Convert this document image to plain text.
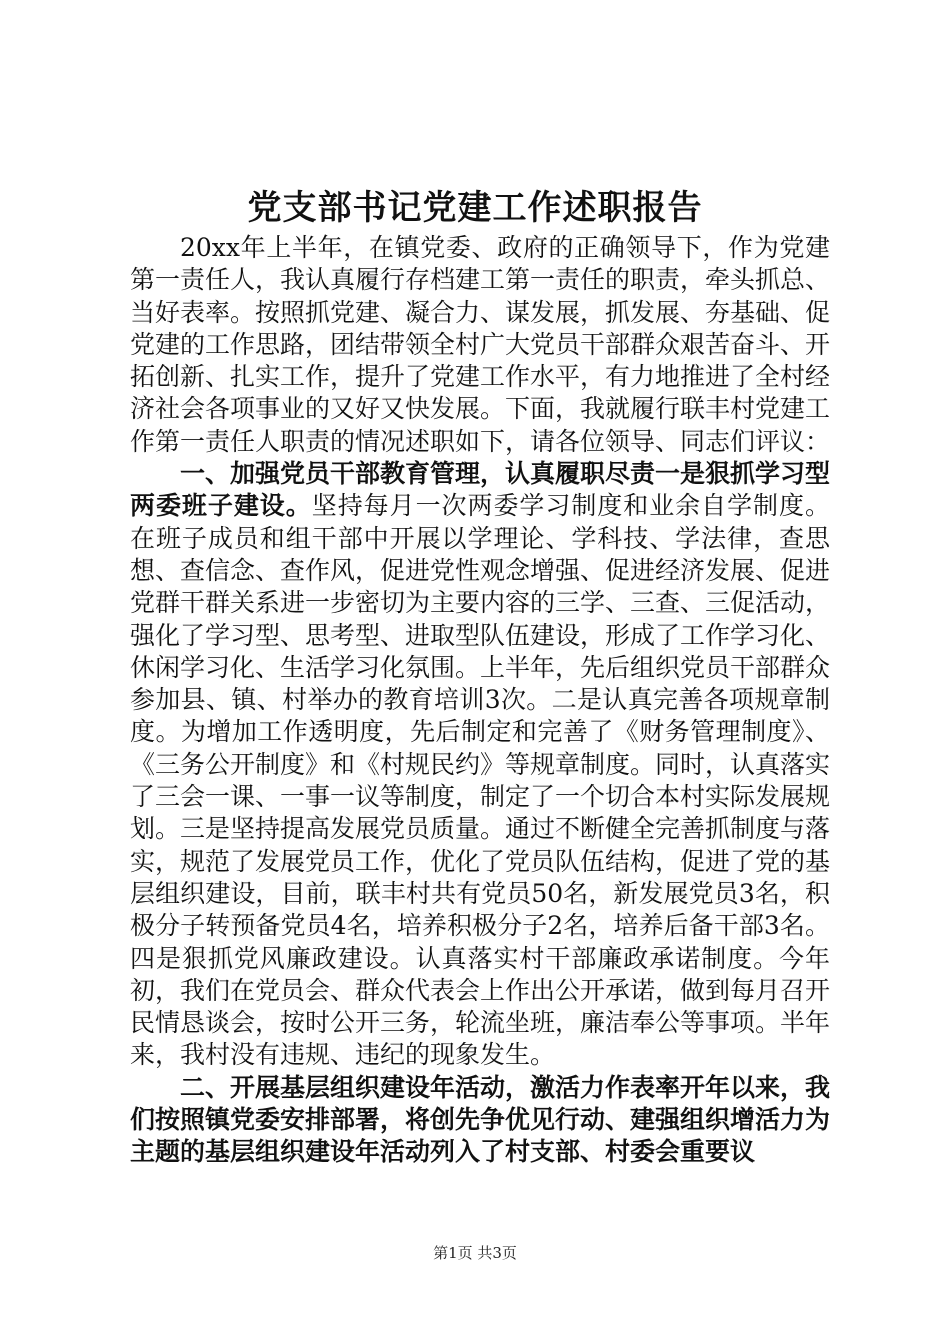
党支部书记党建工作述职报告

20xx年上半年，在镇党委、政府的正确领导下，作为党建第一责任人，我认真履行存档建工第一责任的职责，牵头抓总、当好表率。按照抓党建、凝合力、谋发展，抓发展、夯基础、促党建的工作思路，团结带领全村广大党员干部群众艰苦奋斗、开拓创新、扎实工作，提升了党建工作水平，有力地推进了全村经济社会各项事业的又好又快发展。下面，我就履行联丰村党建工作第一责任人职责的情况述职如下，请各位领导、同志们评议：

一、加强党员干部教育管理，认真履职尽责一是狠抓学习型两委班子建设。坚持每月一次两委学习制度和业余自学制度。在班子成员和组干部中开展以学理论、学科技、学法律，查思想、查信念、查作风，促进党性观念增强、促进经济发展、促进党群干群关系进一步密切为主要内容的三学、三查、三促活动，强化了学习型、思考型、进取型队伍建设，形成了工作学习化、休闲学习化、生活学习化氛围。上半年，先后组织党员干部群众参加县、镇、村举办的教育培训3次。二是认真完善各项规章制度。为增加工作透明度，先后制定和完善了《财务管理制度》、《三务公开制度》和《村规民约》等规章制度。同时，认真落实了三会一课、一事一议等制度，制定了一个切合本村实际发展规划。三是坚持提高发展党员质量。通过不断健全完善抓制度与落实，规范了发展党员工作，优化了党员队伍结构，促进了党的基层组织建设，目前，联丰村共有党员50名，新发展党员3名，积极分子转预备党员4名，培养积极分子2名，培养后备干部3名。四是狠抓党风廉政建设。认真落实村干部廉政承诺制度。今年初，我们在党员会、群众代表会上作出公开承诺，做到每月召开民情恳谈会，按时公开三务，轮流坐班，廉洁奉公等事项。半年来，我村没有违规、违纪的现象发生。

二、开展基层组织建设年活动，激活力作表率开年以来，我们按照镇党委安排部署，将创先争优见行动、建强组织增活力为主题的基层组织建设年活动列入了村支部、村委会重要议

第1页 共3页
